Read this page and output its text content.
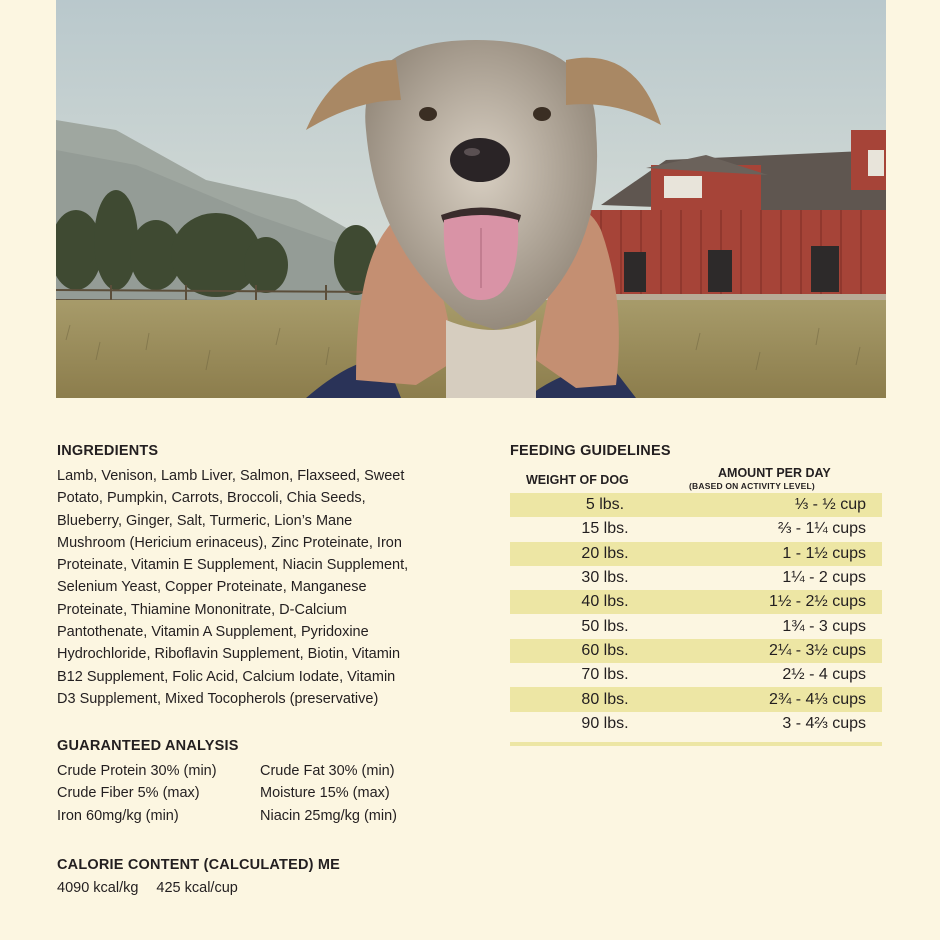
INGREDIENTS
Lamb, Venison, Lamb Liver, Salmon, Flaxseed, Sweet
Potato, Pumpkin, Carrots, Broccoli, Chia Seeds,
Blueberry, Ginger, Salt, Turmeric, Lion’s Mane
Mushroom (Hericium erinaceus), Zinc Proteinate, Iron
Proteinate, Vitamin E Supplement, Niacin Supplement,
Selenium Yeast, Copper Proteinate, Manganese
Proteinate, Thiamine Mononitrate, D-Calcium
Pantothenate, Vitamin A Supplement, Pyridoxine
Hydrochloride, Riboflavin Supplement, Biotin, Vitamin
B12 Supplement, Folic Acid, Calcium Iodate, Vitamin
D3 Supplement, Mixed Tocopherols (preservative)
GUARANTEED ANALYSIS
Crude Protein 30% (min)	Crude Fat 30% (min)
Crude Fiber 5% (max)	Moisture 15% (max)
Iron 60mg/kg (min)	Niacin 25mg/kg (min)
CALORIE CONTENT (CALCULATED) ME
4090 kcal/kg 425 kcal/cup
FEEDING GUIDELINES
WEIGHT OF DOG	AMOUNT PER DAY
(BASED ON ACTIVITY LEVEL)
5 lbs.	⅓ - ½ cup
15 lbs.	⅔ - 1¼ cups
20 lbs.	1 - 1½ cups
30 lbs.	1¼ - 2 cups
40 lbs.	1½ - 2½ cups
50 lbs.	1¾ - 3 cups
60 lbs.	2¼ - 3½ cups
70 lbs.	2½ - 4 cups
80 lbs.	2¾ - 4⅓ cups
90 lbs.	3 - 4⅔ cups
